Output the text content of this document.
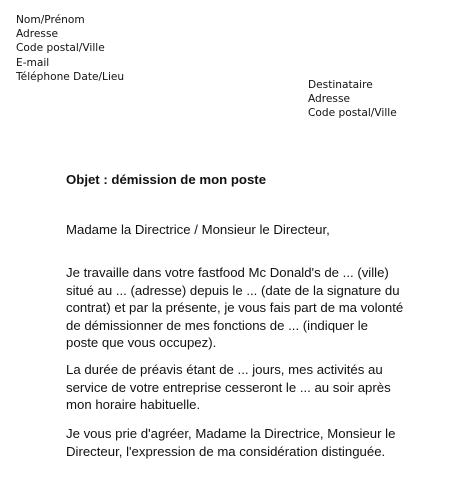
Nom/Prénom
Adresse
Code postal/Ville
E-mail
Téléphone Date/Lieu
Destinataire
Adresse
Code postal/Ville
Objet : démission de mon poste
Madame la Directrice / Monsieur le Directeur,
Je travaille dans votre fastfood Mc Donald's de ... (ville)
situé au ... (adresse) depuis le ... (date de la signature du
contrat) et par la présente, je vous fais part de ma volonté
de démissionner de mes fonctions de ... (indiquer le
poste que vous occupez).
La durée de préavis étant de ... jours, mes activités au
service de votre entreprise cesseront le ... au soir après
mon horaire habituelle.
Je vous prie d'agréer, Madame la Directrice, Monsieur le
Directeur, l'expression de ma considération distinguée.
